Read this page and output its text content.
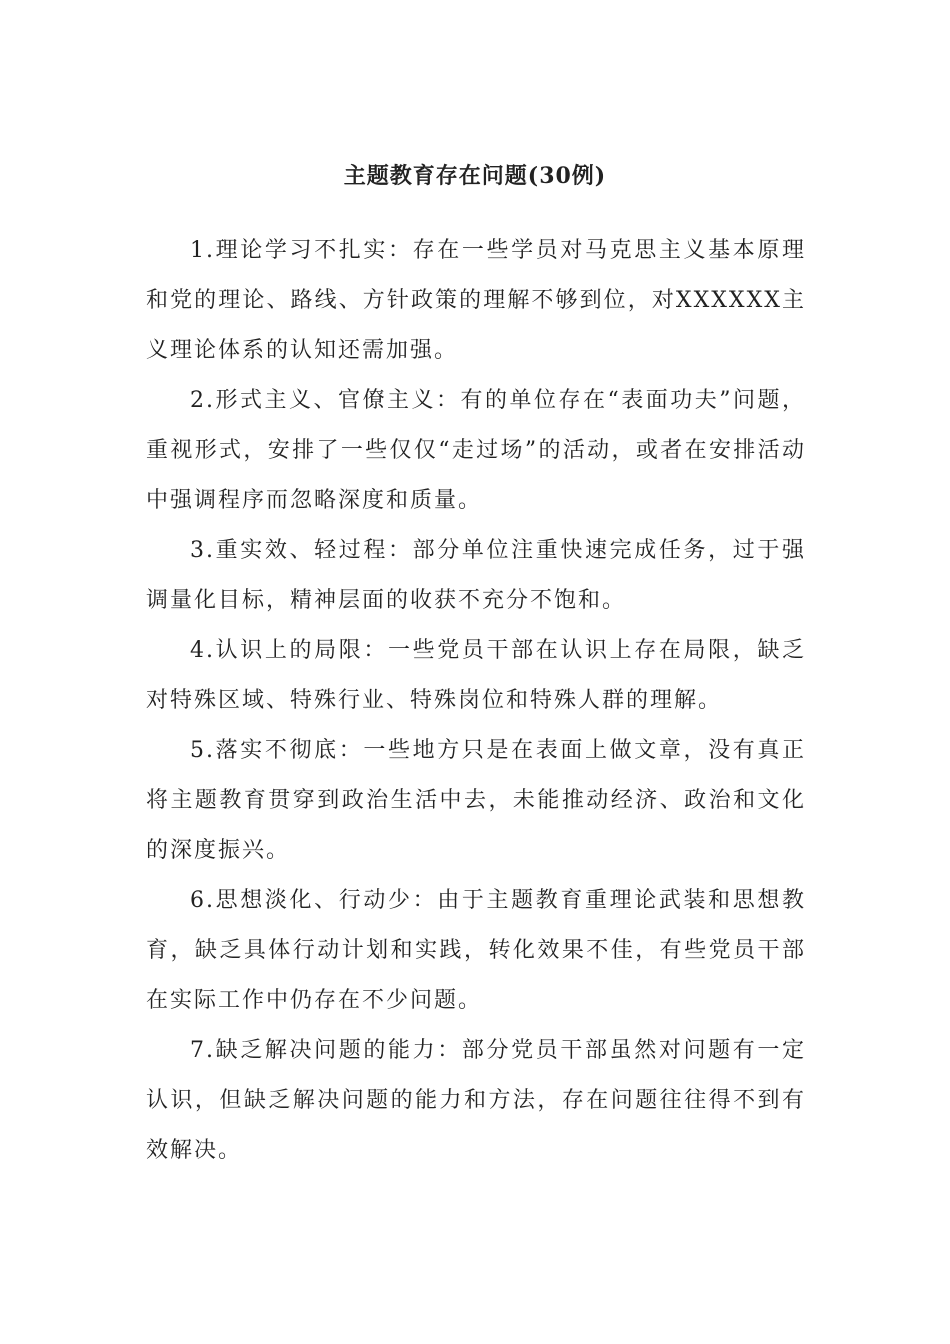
主题教育存在问题(30例)

1.理论学习不扎实：存在一些学员对马克思主义基本原理和党的理论、路线、方针政策的理解不够到位，对XXXXXX主义理论体系的认知还需加强。

2.形式主义、官僚主义：有的单位存在“表面功夫”问题，重视形式，安排了一些仅仅“走过场”的活动，或者在安排活动中强调程序而忽略深度和质量。

3.重实效、轻过程：部分单位注重快速完成任务，过于强调量化目标，精神层面的收获不充分不饱和。

4.认识上的局限：一些党员干部在认识上存在局限，缺乏对特殊区域、特殊行业、特殊岗位和特殊人群的理解。

5.落实不彻底：一些地方只是在表面上做文章，没有真正将主题教育贯穿到政治生活中去，未能推动经济、政治和文化的深度振兴。

6.思想淡化、行动少：由于主题教育重理论武装和思想教育，缺乏具体行动计划和实践，转化效果不佳，有些党员干部在实际工作中仍存在不少问题。

7.缺乏解决问题的能力：部分党员干部虽然对问题有一定认识，但缺乏解决问题的能力和方法，存在问题往往得不到有效解决。
